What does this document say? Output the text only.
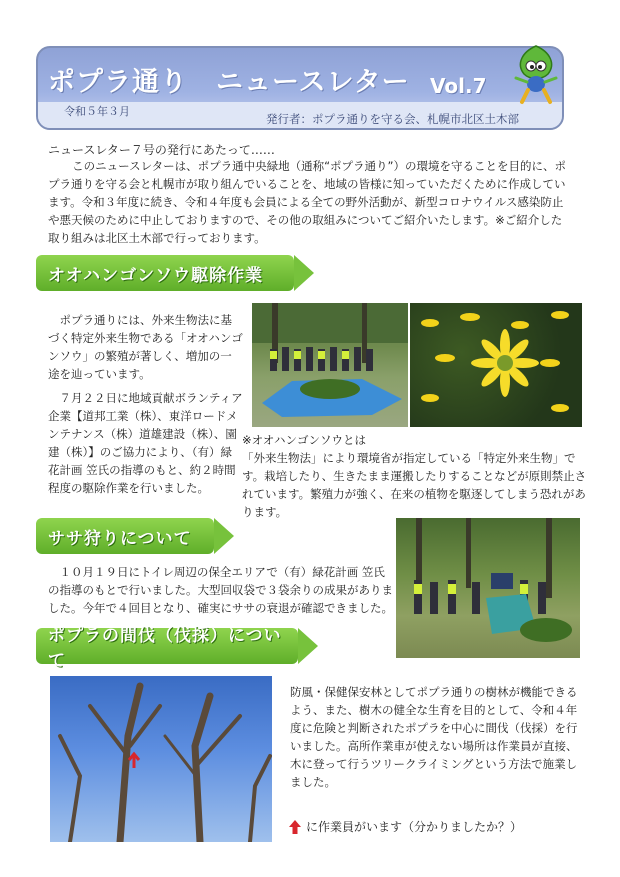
ポプラ通り　ニュースレター Vol.7
令和５年３月
発行者：ポプラ通りを守る会、札幌市北区土木部
ニュースレター７号の発行にあたって……

このニュースレターは、ポプラ通中央緑地（通称“ポプラ通り”）の環境を守ることを目的に、ポプラ通りを守る会と札幌市が取り組んでいることを、地域の皆様に知っていただくために作成しています。令和３年度に続き、令和４年度も会員による全ての野外活動が、新型コロナウイルス感染防止や悪天候のために中止しておりますので、その他の取組みについてご紹介いたします。※ご紹介した取り組みは北区土木部で行っております。

オオハンゴンソウ駆除作業

ポプラ通りには、外来生物法に基づく特定外来生物である「オオハンゴンソウ」の繁殖が著しく、増加の一途を辿っています。

７月２２日に地域貢献ボランティア企業【道邦工業（株）、東洋ロードメンテナンス（株）道雄建設（株）、園建（株）】のご協力により、（有）緑花計画 笠氏の指導のもと、約２時間程度の駆除作業を行いました。

※オオハンゴンソウとは

「外来生物法」により環境省が指定している「特定外来生物」です。栽培したり、生きたまま運搬したりすることなどが原則禁止されています。繁殖力が強く、在来の植物を駆逐してしまう恐れがあります。

ササ狩りについて

１０月１９日にトイレ周辺の保全エリアで（有）緑花計画 笠氏の指導のもとで行いました。大型回収袋で３袋余りの成果がありました。今年で４回目となり、確実にササの衰退が確認できました。

ポプラの間伐（伐採）について

防風・保健保安林としてポプラ通りの樹林が機能できるよう、また、樹木の健全な生育を目的として、令和４年度に危険と判断されたポプラを中心に間伐（伐採）を行いました。高所作業車が使えない場所は作業員が直接、木に登って行うツリークライミングという方法で施業しました。

に作業員がいます（分かりましたか？）
